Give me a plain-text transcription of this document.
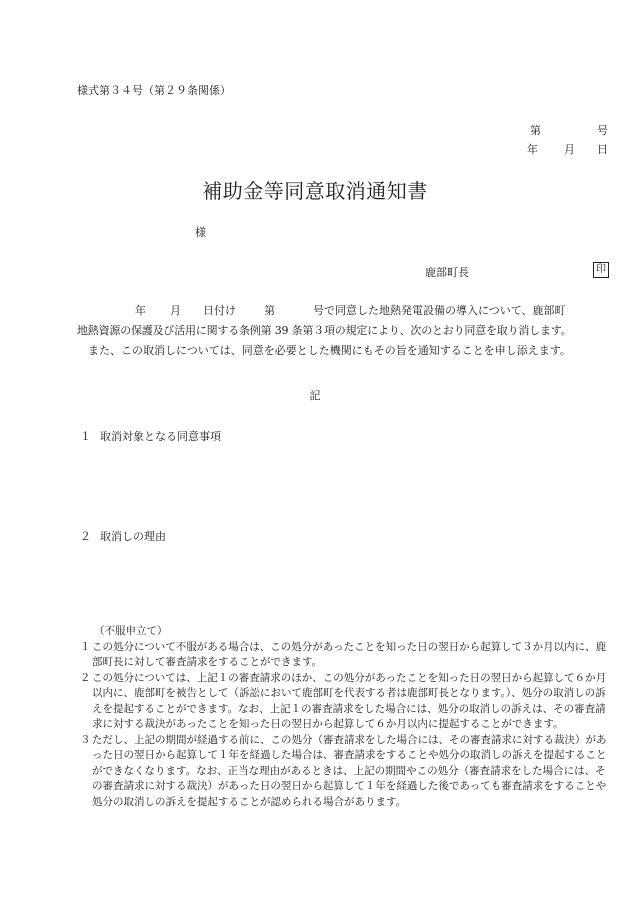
様式第３４号（第２９条関係）
第	号
年 月 日
補助金等同意取消通知書
様
鹿部町長	印
年 月 日付け	第	号で同意した地熱発電設備の導入について、鹿部町
地熱資源の保護及び活用に関する条例第 39 条第３項の規定により、次のとおり同意を取り消します。
また、この取消しについては、同意を必要とした機関にもその旨を通知することを申し添えます。
記
１ 取消対象となる同意事項
２ 取消しの理由
（不服申立て）
１ この処分について不服がある場合は、この処分があったことを知った日の翌日から起算して３か月以内に、鹿部町長に対して審査請求をすることができます。
２ この処分については、上記１の審査請求のほか、この処分があったことを知った日の翌日から起算して６か月以内に、鹿部町を被告として（訴訟において鹿部町を代表する者は鹿部町長となります。）、処分の取消しの訴えを提起することができます。なお、上記１の審査請求をした場合には、処分の取消しの訴えは、その審査請求に対する裁決があったことを知った日の翌日から起算して６か月以内に提起することができます。
３ ただし、上記の期間が経過する前に、この処分（審査請求をした場合には、その審査請求に対する裁決）があった日の翌日から起算して１年を経過した場合は、審査請求をすることや処分の取消しの訴えを提起することができなくなります。なお、正当な理由があるときは、上記の期間やこの処分（審査請求をした場合には、その審査請求に対する裁決）があった日の翌日から起算して１年を経過した後であっても審査請求をすることや処分の取消しの訴えを提起することが認められる場合があります。
